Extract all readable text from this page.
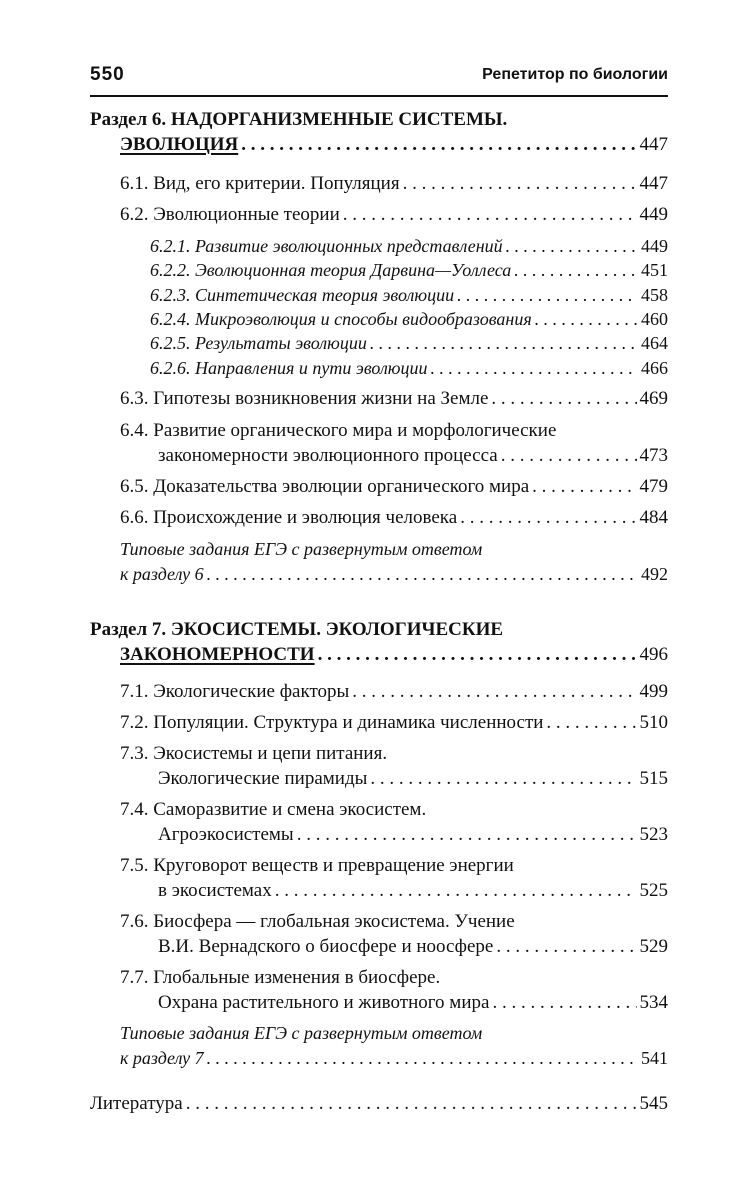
550	Репетитор по биологии
Раздел 6. НАДОРГАНИЗМЕННЫЕ СИСТЕМЫ.
ЭВОЛЮЦИЯ . . .	447
6.1. Вид, его критерии. Популяция . . .	447
6.2. Эволюционные теории . . .	449
6.2.1. Развитие эволюционных представлений . . .	449
6.2.2. Эволюционная теория Дарвина—Уоллеса . . .	451
6.2.3. Синтетическая теория эволюции . . .	458
6.2.4. Микроэволюция и способы видообразования . . .	460
6.2.5. Результаты эволюции . . .	464
6.2.6. Направления и пути эволюции . . .	466
6.3. Гипотезы возникновения жизни на Земле . . .	469
6.4. Развитие органического мира и морфологические
закономерности эволюционного процесса . . .	473
6.5. Доказательства эволюции органического мира . . .	479
6.6. Происхождение и эволюция человека . . .	484
Типовые задания ЕГЭ с развернутым ответом
к разделу 6 . . .	492
Раздел 7. ЭКОСИСТЕМЫ. ЭКОЛОГИЧЕСКИЕ
ЗАКОНОМЕРНОСТИ . . .	496
7.1. Экологические факторы . . .	499
7.2. Популяции. Структура и динамика численности . . .	510
7.3. Экосистемы и цепи питания.
Экологические пирамиды . . .	515
7.4. Саморазвитие и смена экосистем.
Агроэкосистемы . . .	523
7.5. Круговорот веществ и превращение энергии
в экосистемах . . .	525
7.6. Биосфера — глобальная экосистема. Учение
В.И. Вернадского о биосфере и ноосфере . . .	529
7.7. Глобальные изменения в биосфере.
Охрана растительного и животного мира . . .	534
Типовые задания ЕГЭ с развернутым ответом
к разделу 7 . . .	541
Литература . . .	545
